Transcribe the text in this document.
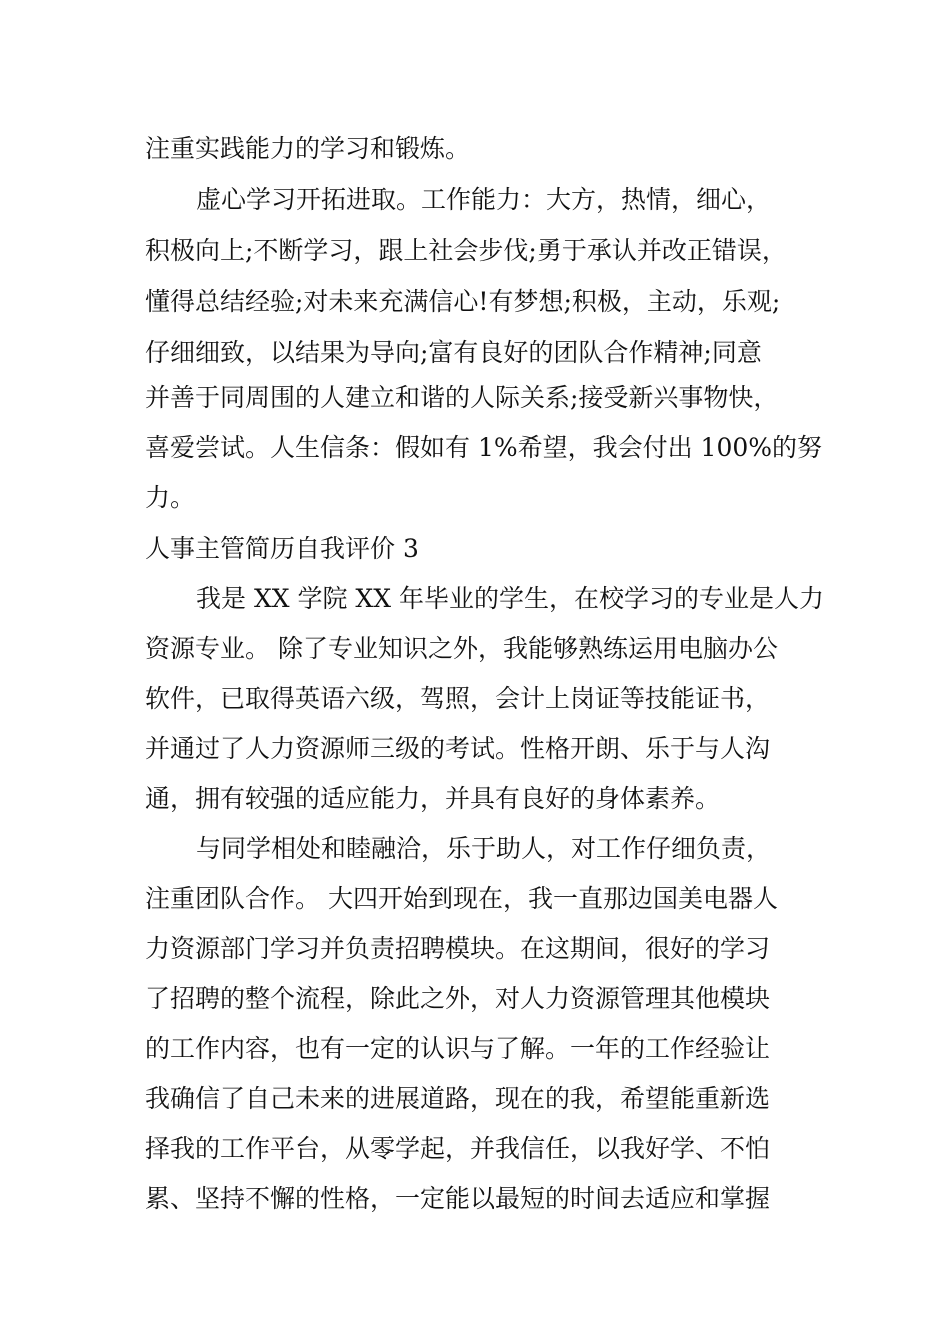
注重实践能力的学习和锻炼。
虚心学习开拓进取。工作能力：大方，热情，细心，
积极向上;不断学习，跟上社会步伐;勇于承认并改正错误，
懂得总结经验;对未来充满信心!有梦想;积极，主动，乐观;
仔细细致，以结果为导向;富有良好的团队合作精神;同意
并善于同周围的人建立和谐的人际关系;接受新兴事物快，
喜爱尝试。人生信条：假如有 1%希望，我会付出 100%的努
力。
人事主管简历自我评价 3
我是 XX 学院 XX 年毕业的学生，在校学习的专业是人力
资源专业。 除了专业知识之外，我能够熟练运用电脑办公
软件，已取得英语六级，驾照，会计上岗证等技能证书，
并通过了人力资源师三级的考试。性格开朗、乐于与人沟
通，拥有较强的适应能力，并具有良好的身体素养。
与同学相处和睦融洽，乐于助人，对工作仔细负责，
注重团队合作。 大四开始到现在，我一直那边国美电器人
力资源部门学习并负责招聘模块。在这期间，很好的学习
了招聘的整个流程，除此之外，对人力资源管理其他模块
的工作内容，也有一定的认识与了解。一年的工作经验让
我确信了自己未来的进展道路，现在的我，希望能重新选
择我的工作平台，从零学起，并我信任，以我好学、不怕
累、坚持不懈的性格，一定能以最短的时间去适应和掌握
